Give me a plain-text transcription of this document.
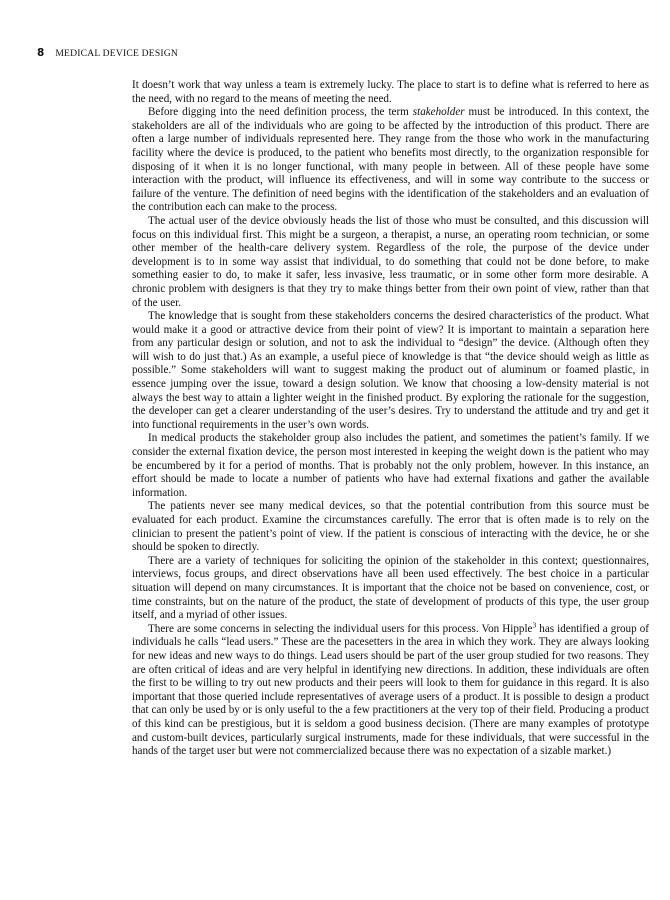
8 MEDICAL DEVICE DESIGN

It doesn’t work that way unless a team is extremely lucky. The place to start is to define what is referred to here as the need, with no regard to the means of meeting the need.

Before digging into the need definition process, the term stakeholder must be introduced. In this context, the stakeholders are all of the individuals who are going to be affected by the introduction of this product. There are often a large number of individuals represented here. They range from the those who work in the manufacturing facility where the device is produced, to the patient who benefits most directly, to the organization responsible for disposing of it when it is no longer functional, with many people in between. All of these people have some interaction with the product, will influence its effectiveness, and will in some way contribute to the success or failure of the venture. The definition of need begins with the identification of the stakeholders and an evaluation of the contribution each can make to the process.

The actual user of the device obviously heads the list of those who must be consulted, and this discussion will focus on this individual first. This might be a surgeon, a therapist, a nurse, an operating room technician, or some other member of the health-care delivery system. Regardless of the role, the purpose of the device under development is to in some way assist that individual, to do something that could not be done before, to make something easier to do, to make it safer, less invasive, less traumatic, or in some other form more desirable. A chronic problem with designers is that they try to make things better from their own point of view, rather than that of the user.

The knowledge that is sought from these stakeholders concerns the desired characteristics of the product. What would make it a good or attractive device from their point of view? It is important to maintain a separation here from any particular design or solution, and not to ask the individual to “design” the device. (Although often they will wish to do just that.) As an example, a useful piece of knowledge is that “the device should weigh as little as possible.” Some stakeholders will want to suggest making the product out of aluminum or foamed plastic, in essence jumping over the issue, toward a design solution. We know that choosing a low-density material is not always the best way to attain a lighter weight in the finished product. By exploring the rationale for the suggestion, the developer can get a clearer understanding of the user’s desires. Try to understand the attitude and try and get it into functional requirements in the user’s own words.

In medical products the stakeholder group also includes the patient, and sometimes the patient’s family. If we consider the external fixation device, the person most interested in keeping the weight down is the patient who may be encumbered by it for a period of months. That is probably not the only problem, however. In this instance, an effort should be made to locate a number of patients who have had external fixations and gather the available information.

The patients never see many medical devices, so that the potential contribution from this source must be evaluated for each product. Examine the circumstances carefully. The error that is often made is to rely on the clinician to present the patient’s point of view. If the patient is conscious of interacting with the device, he or she should be spoken to directly.

There are a variety of techniques for soliciting the opinion of the stakeholder in this context; questionnaires, interviews, focus groups, and direct observations have all been used effectively. The best choice in a particular situation will depend on many circumstances. It is important that the choice not be based on convenience, cost, or time constraints, but on the nature of the product, the state of development of products of this type, the user group itself, and a myriad of other issues.

There are some concerns in selecting the individual users for this process. Von Hipple$^3$ has identified a group of individuals he calls “lead users.” These are the pacesetters in the area in which they work. They are always looking for new ideas and new ways to do things. Lead users should be part of the user group studied for two reasons. They are often critical of ideas and are very helpful in identifying new directions. In addition, these individuals are often the first to be willing to try out new products and their peers will look to them for guidance in this regard. It is also important that those queried include representatives of average users of a product. It is possible to design a product that can only be used by or is only useful to the a few practitioners at the very top of their field. Producing a product of this kind can be prestigious, but it is seldom a good business decision. (There are many examples of prototype and custom-built devices, particularly surgical instruments, made for these individuals, that were successful in the hands of the target user but were not commercialized because there was no expectation of a sizable market.)
